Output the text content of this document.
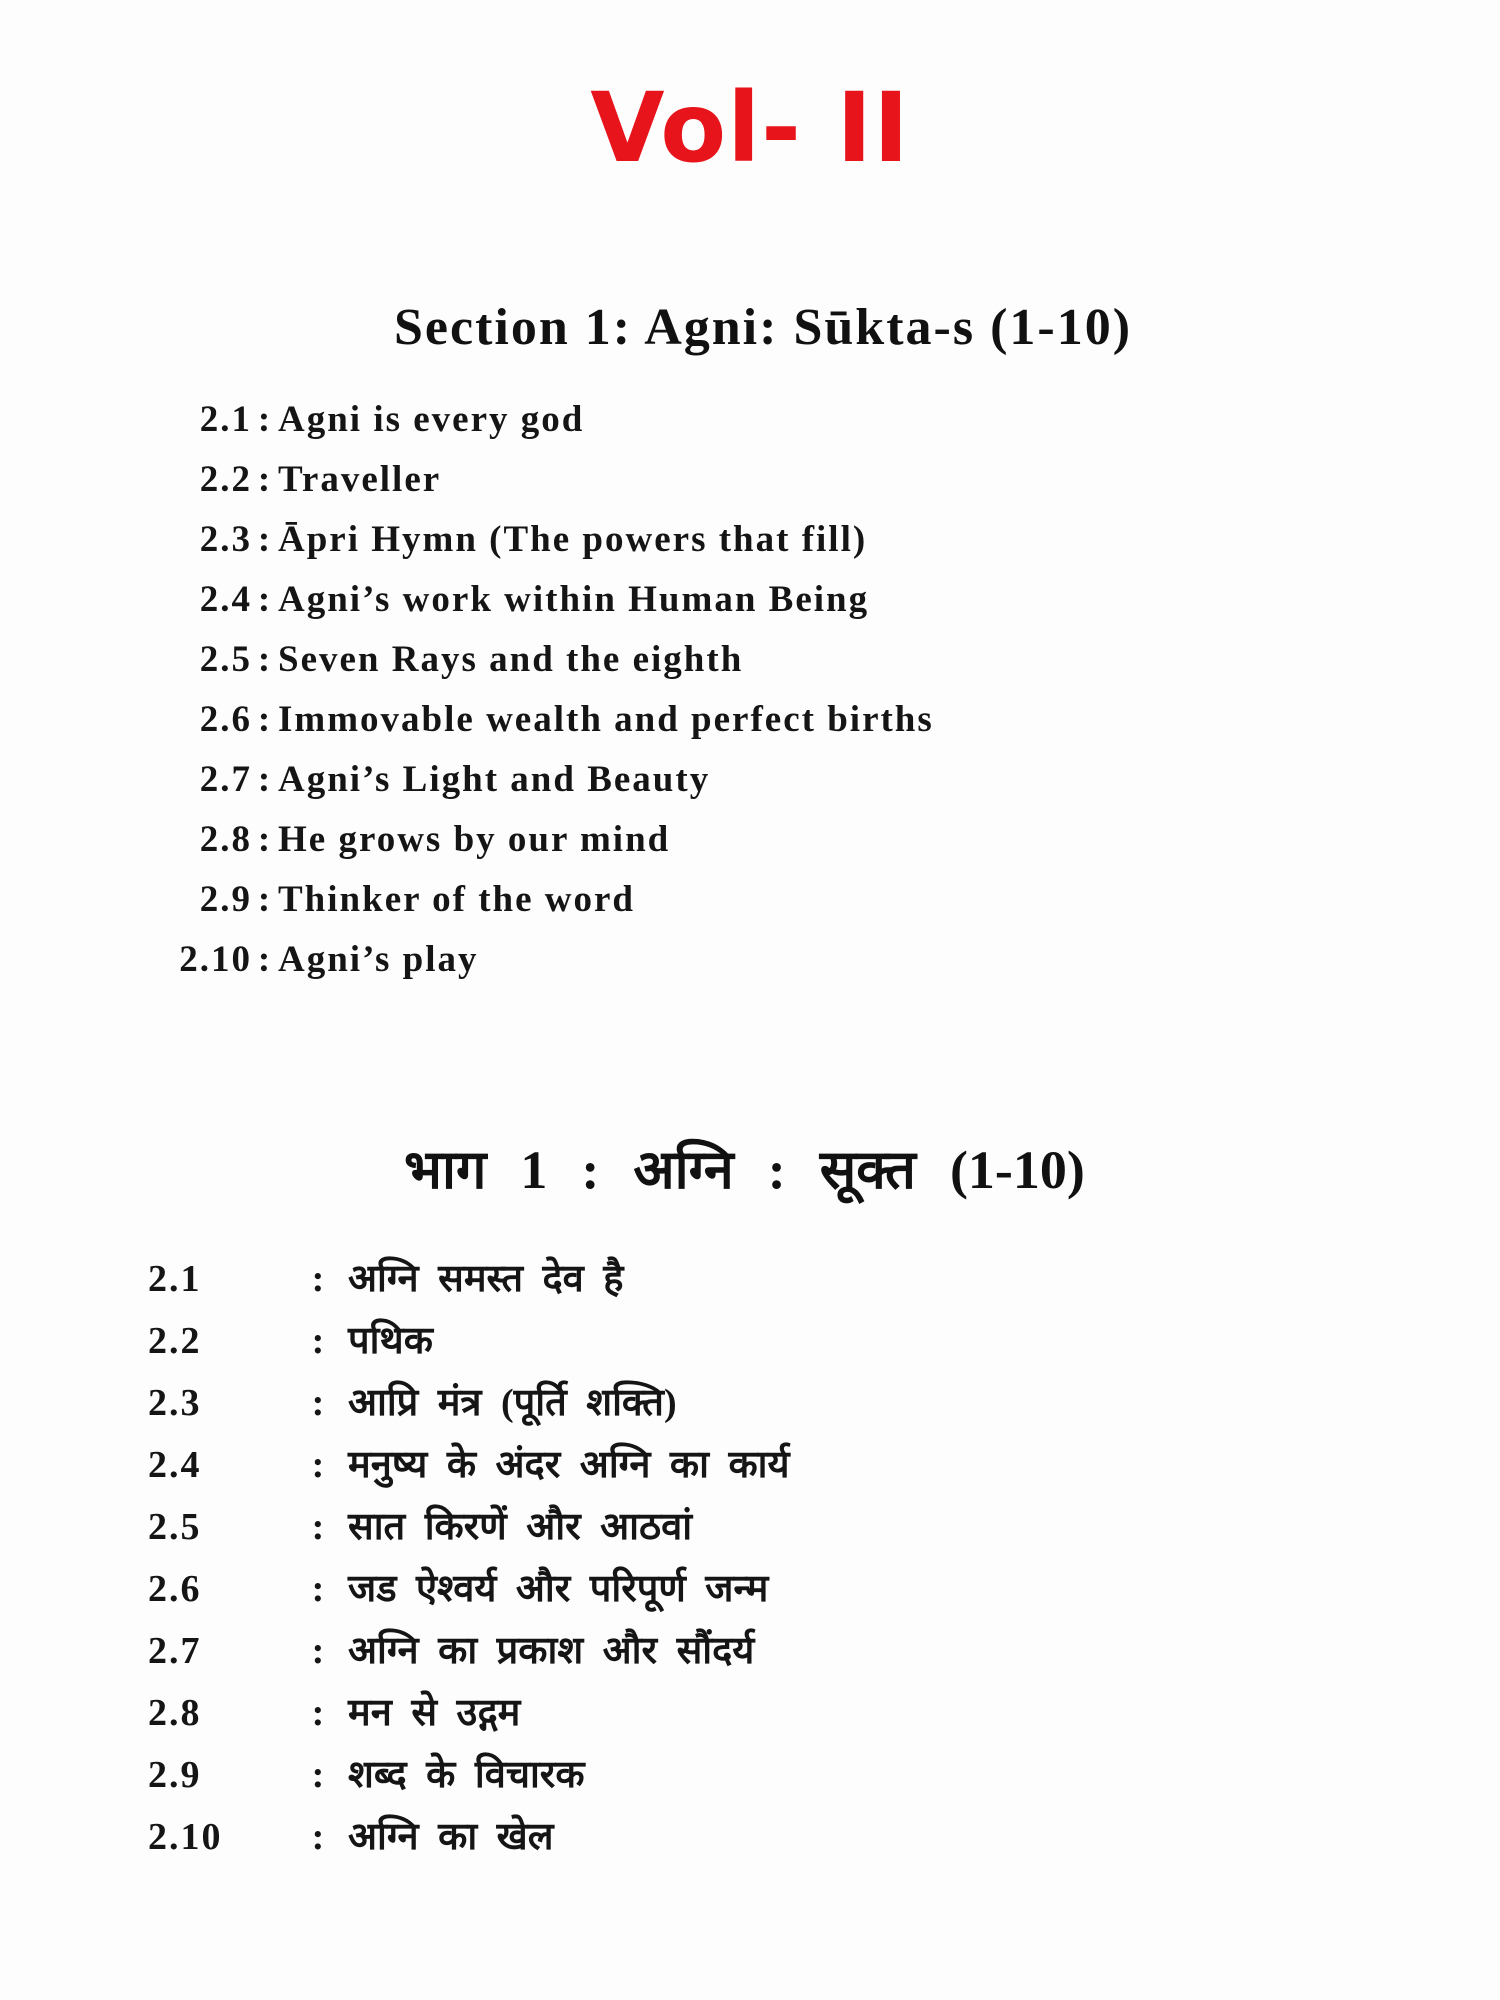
Vol- II
Section 1: Agni: Sūkta-s (1-10)
2.1 : Agni is every god
2.2 : Traveller
2.3 : Āpri Hymn (The powers that fill)
2.4 : Agni’s work within Human Being
2.5 : Seven Rays and the eighth
2.6 : Immovable wealth and perfect births
2.7 : Agni’s Light and Beauty
2.8 : He grows by our mind
2.9 : Thinker of the word
2.10 : Agni’s play
भाग 1 : अग्नि : सूक्त (1-10)
2.1	: अग्नि समस्त देव है
2.2	: पथिक
2.3	: आप्रि मंत्र (पूर्ति शक्ति)
2.4	: मनुष्य के अंदर अग्नि का कार्य
2.5	: सात किरणें और आठवां
2.6	: जड ऐश्वर्य और परिपूर्ण जन्म
2.7	: अग्नि का प्रकाश और सौंदर्य
2.8	: मन से उद्गम
2.9	: शब्द के विचारक
2.10 : अग्नि का खेल
